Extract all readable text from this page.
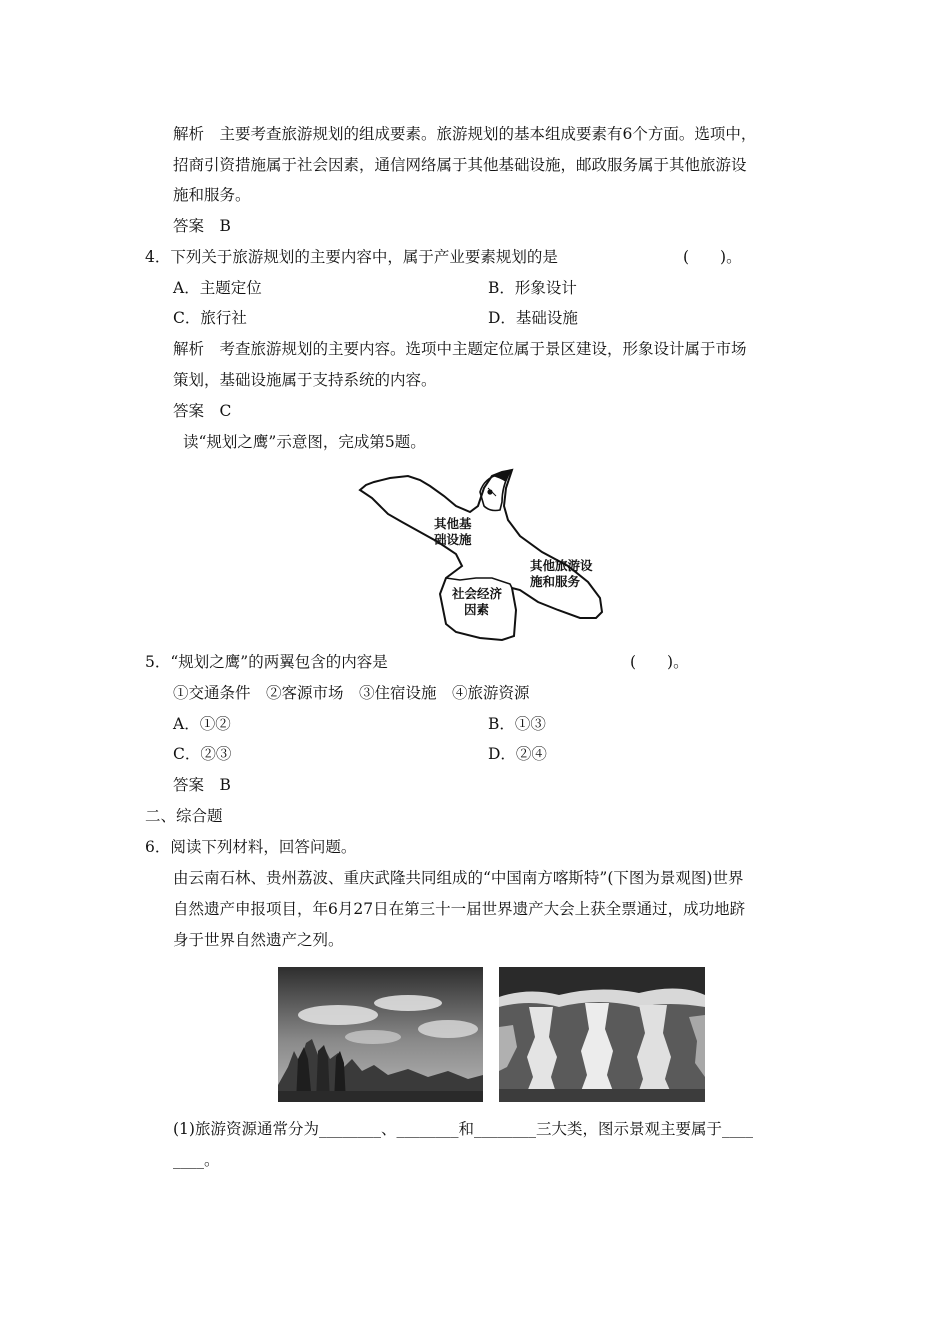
解析　主要考查旅游规划的组成要素。旅游规划的基本组成要素有6个方面。选项中，
招商引资措施属于社会因素，通信网络属于其他基础设施，邮政服务属于其他旅游设
施和服务。
答案　B
4．下列关于旅游规划的主要内容中，属于产业要素规划的是	(　　)。
A．主题定位	B．形象设计
C．旅行社	D．基础设施
解析　考查旅游规划的主要内容。选项中主题定位属于景区建设，形象设计属于市场
策划，基础设施属于支持系统的内容。
答案　C
读“规划之鹰”示意图，完成第5题。
其他基
础设施
其他旅游设
施和服务
社会经济
因素
5．“规划之鹰”的两翼包含的内容是	(　　)。
①交通条件　②客源市场　③住宿设施　④旅游资源
A．①②	B．①③
C．②③	D．②④
答案　B
二、综合题
6．阅读下列材料，回答问题。
由云南石林、贵州荔波、重庆武隆共同组成的“中国南方喀斯特”(下图为景观图)世界
自然遗产申报项目，年6月27日在第三十一届世界遗产大会上获全票通过，成功地跻
身于世界自然遗产之列。
(1)旅游资源通常分为________、________和________三大类，图示景观主要属于____
____。
